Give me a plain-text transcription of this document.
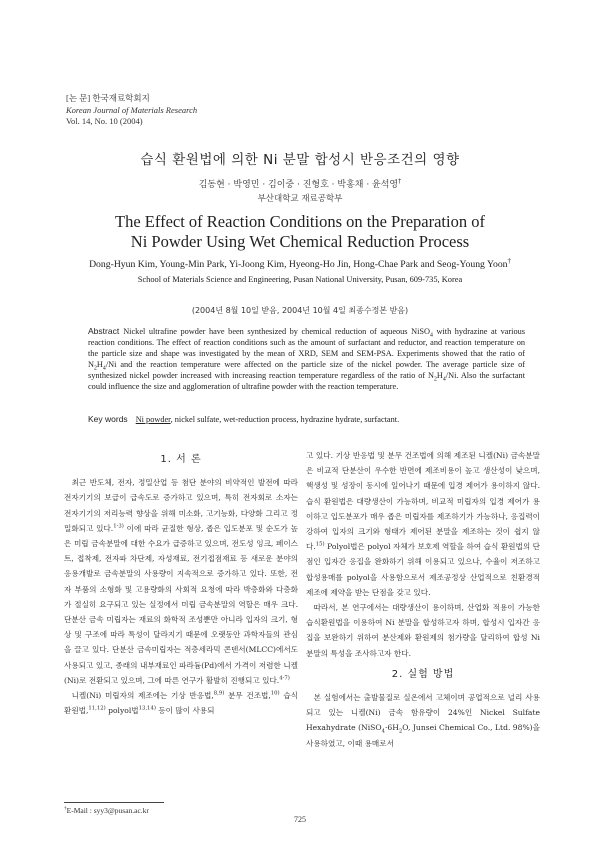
[논 문] 한국재료학회지
Korean Journal of Materials Research
Vol. 14, No. 10 (2004)
습식 환원법에 의한 Ni 분말 합성시 반응조건의 영향
김동현 · 박영민 · 김이중 · 진형호 · 박홍채 · 윤석영†
부산대학교 재료공학부
The Effect of Reaction Conditions on the Preparation of
Ni Powder Using Wet Chemical Reduction Process
Dong-Hyun Kim, Young-Min Park, Yi-Joong Kim, Hyeong-Ho Jin, Hong-Chae Park and Seog-Young Yoon†
School of Materials Science and Engineering, Pusan National University, Pusan, 609-735, Korea
(2004년 8월 10일 받음, 2004년 10월 4일 최종수정본 받음)
Abstract Nickel ultrafine powder have been synthesized by chemical reduction of aqueous NiSO$_4$ with hydrazine at various reaction conditions. The effect of reaction conditions such as the amount of surfactant and reductor, and reaction temperature on the particle size and shape was investigated by the mean of XRD, SEM and SEM-PSA. Experiments showed that the ratio of $N_2H_4/Ni$ and the reaction temperature were affected on the particle size of the nickel powder. The average particle size of synthesized nickel powder increased with increasing reaction temperature regardless of the ratio of $N_2H_4/Ni$. Also the surfactant could influence the size and agglomeration of ultrafine powder with the reaction temperature.
Key words Ni powder, nickel sulfate, wet-reduction process, hydrazine hydrate, surfactant.
1. 서 론

최근 반도체, 전자, 정밀산업 등 첨단 분야의 비약적인 발전에 따라 전자기기의 보급이 급속도로 증가하고 있으며, 특히 전자회로 소자는 전자기기의 저리능력 향상을 위해 미소화, 고기능화, 다양화 그리고 정밀화되고 있다.$^{1-3)}$ 이에 따라 균질한 형상, 좁은 입도분포 및 순도가 높은 미립 금속분말에 대한 수요가 급증하고 있으며, 전도성 잉크, 페이스트, 접착제, 전자파 차단제, 자성재료, 전기접점재료 등 새로운 분야의 응용개발로 금속분말의 사용량이 지속적으로 증가하고 있다. 또한, 전자 부품의 소형화 및 고용량화의 사회적 요청에 따라 박층화와 다층화가 절실히 요구되고 있는 실정에서 미립 금속분말의 역할은 매우 크다. 단분산 금속 미립자는 재료의 화학적 조성뿐만 아니라 입자의 크기, 형상 및 구조에 따라 특성이 달라지기 때문에 오랫동안 과학자들의 관심을 끌고 있다. 단분산 금속미립자는 적층세라믹 콘덴서(MLCC)에서도 사용되고 있고, 종래의 내부재료인 파라듐(Pd)에서 가격이 저렴한 니켈(Ni)로 전환되고 있으며, 그에 따른 연구가 활발히 진행되고 있다.$^{4-7)}$

니켈(Ni) 미립자의 제조에는 기상 반응법,$^{8,9)}$ 분무 건조법,$^{10)}$ 습식 환원법,$^{11,12)}$ polyol법$^{13,14)}$ 등이 많이 사용되

고 있다. 기상 반응법 및 분무 건조법에 의해 제조된 니켈(Ni) 금속분말은 비교적 단분산이 우수한 반면에 제조비용이 높고 생산성이 낮으며, 핵생성 및 성장이 동시에 일어나기 때문에 입경 제어가 용이하지 않다. 습식 환원법은 대량생산이 가능하며, 비교적 미립자의 입경 제어가 용이하고 입도분포가 매우 좁은 미립자를 제조하기가 가능하나, 응집력이 강하여 입자의 크기와 형태가 제어된 분말을 제조하는 것이 쉽지 않다.$^{15)}$ Polyol법은 polyol 자체가 보호제 역할을 하여 습식 환원법의 단점인 입자간 응집을 완화하기 위해 이용되고 있으나, 수율이 저조하고 합성용매를 polyol을 사용함으로서 제조공정상 산업적으로 친환경적 제조에 제약을 받는 단점을 갖고 있다.

따라서, 본 연구에서는 대량생산이 용이하며, 산업화 적용이 가능한 습식환원법을 이용하여 Ni 분말을 합성하고자 하며, 합성시 입자간 응집을 보완하기 위하여 분산제와 환원제의 첨가량을 달리하여 합성 Ni 분말의 특성을 조사하고자 한다.

2. 실험 방법

본 실험에서는 출발물질로 실온에서 고체이며 공업적으로 널리 사용되고 있는 니켈(Ni) 금속 함유량이 24%인 Nickel Sulfate Hexahydrate ($NiSO_4\cdot 6H_2O$, Junsei Chemical Co., Ltd. 98%)을 사용하였고, 이때 용매로서

†E-Mail : syy3@pusan.ac.kr
725
